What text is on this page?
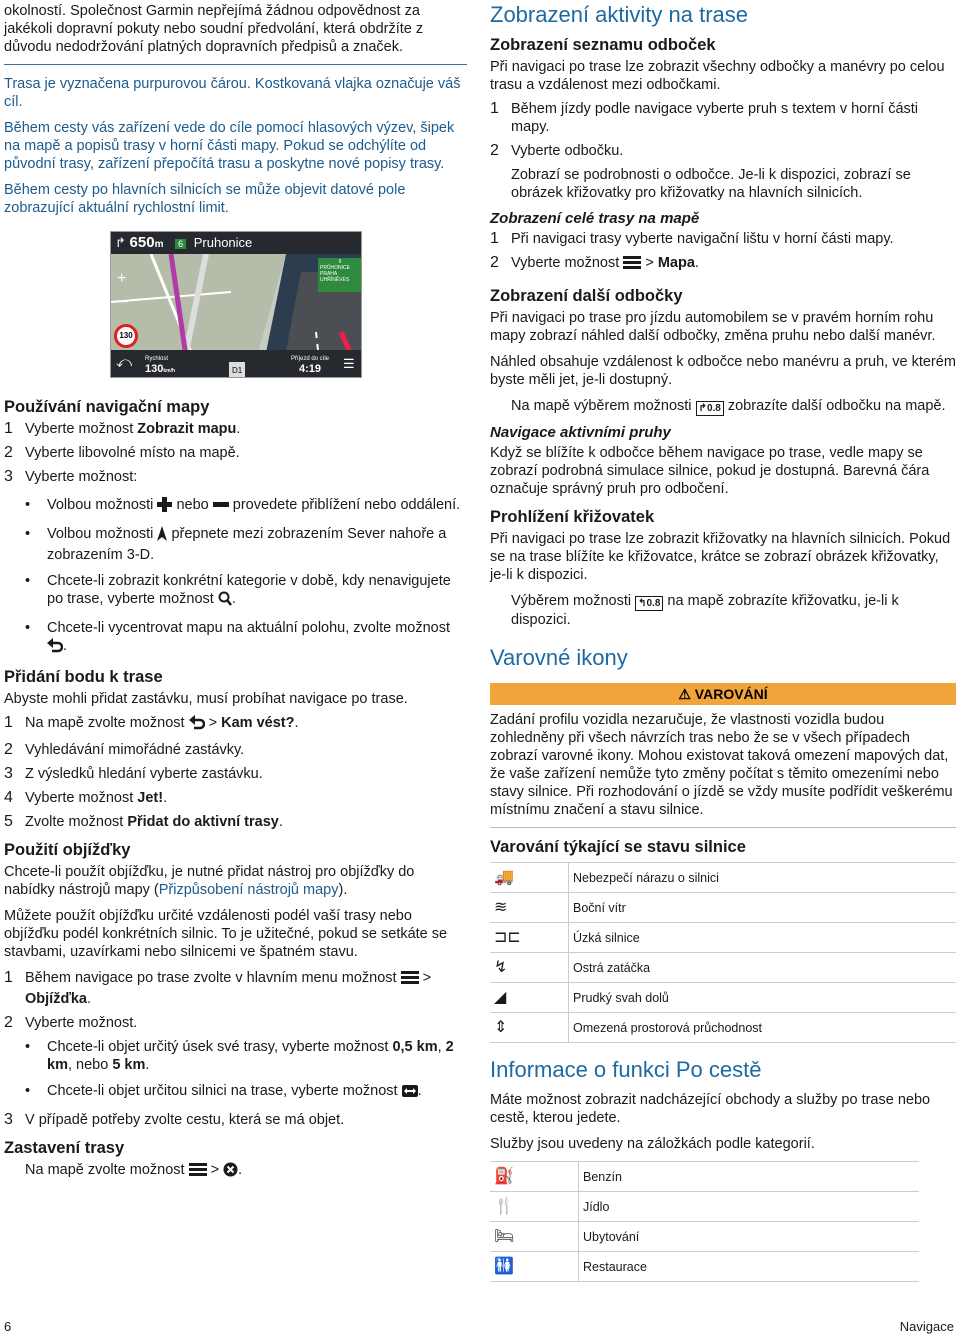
okolností. Společnost Garmin nepřejímá žádnou odpovědnost za jakékoli dopravní pokuty nebo soudní předvolání, která obdržíte z důvodu nedodržování platných dopravních předpisů a značek.

Trasa je vyznačena purpurovou čárou. Kostkovaná vlajka označuje váš cíl.

Během cesty vás zařízení vede do cíle pomocí hlasových výzev, šipek na mapě a popisů trasy v horní části mapy. Pokud se odchýlíte od původní trasy, zařízení přepočítá trasu a poskytne nové popisy trasy.

Během cesty po hlavních silnicích se může objevit datové pole zobrazující aktuální rychlostní limit.

↱ 650m 6 Pruhonice
6
PRŮHONICE
PRAHA
UHŘÍNĚVES
+
−
130
⤺ Rychlost
130km/h	D1
Příjezd do cíle
4:19 ☰
Používání navigační mapy
1 Vyberte možnost Zobrazit mapu.
2 Vyberte libovolné místo na mapě.
3 Vyberte možnost:
• Volbou možnosti  nebo  provedete přiblížení nebo oddálení.
• Volbou možnosti  přepnete mezi zobrazením Sever nahoře a zobrazením 3-D.
• Chcete-li zobrazit konkrétní kategorie v době, kdy nenavigujete po trase, vyberte možnost .
• Chcete-li vycentrovat mapu na aktuální polohu, zvolte možnost .
Přidání bodu k trase

Abyste mohli přidat zastávku, musí probíhat navigace po trase.

1 Na mapě zvolte možnost  > Kam vést?.
2 Vyhledávání mimořádné zastávky.
3 Z výsledků hledání vyberte zastávku.
4 Vyberte možnost Jet!.
5 Zvolte možnost Přidat do aktivní trasy.
Použití objížďky

Chcete-li použít objížďku, je nutné přidat nástroj pro objížďky do nabídky nástrojů mapy (Přizpůsobení nástrojů mapy).

Můžete použít objížďku určité vzdálenosti podél vaší trasy nebo objížďku podél konkrétních silnic. To je užitečné, pokud se setkáte se stavbami, uzavírkami nebo silnicemi ve špatném stavu.

1 Během navigace po trase zvolte v hlavním menu možnost  > Objížďka.
2 Vyberte možnost.
• Chcete-li objet určitý úsek své trasy, vyberte možnost 0,5 km, 2 km, nebo 5 km.
• Chcete-li objet určitou silnici na trase, vyberte možnost .
3 V případě potřeby zvolte cestu, která se má objet.
Zastavení trasy

Na mapě zvolte možnost  > .

Zobrazení aktivity na trase
Zobrazení seznamu odboček

Při navigaci po trase lze zobrazit všechny odbočky a manévry po celou trasu a vzdálenost mezi odbočkami.

1 Během jízdy podle navigace vyberte pruh s textem v horní části mapy.
2 Vyberte odbočku.

Zobrazí se podrobnosti o odbočce. Je-li k dispozici, zobrazí se obrázek křižovatky pro křižovatky na hlavních silnicích.

Zobrazení celé trasy na mapě
1 Při navigaci trasy vyberte navigační lištu v horní části mapy.
2 Vyberte možnost  > Mapa.
Zobrazení další odbočky

Při navigaci po trase pro jízdu automobilem se v pravém horním rohu mapy zobrazí náhled další odbočky, změna pruhu nebo další manévr.

Náhled obsahuje vzdálenost k odbočce nebo manévru a pruh, ve kterém byste měli jet, je-li dostupný.

Na mapě výběrem možnosti ↱0.8 zobrazíte další odbočku na mapě.

Navigace aktivními pruhy

Když se blížíte k odbočce během navigace po trase, vedle mapy se zobrazí podrobná simulace silnice, pokud je dostupná. Barevná čára označuje správný pruh pro odbočení.

Prohlížení křižovatek

Při navigaci po trase lze zobrazit křižovatky na hlavních silnicích. Pokud se na trase blížíte ke křižovatce, krátce se zobrazí obrázek křižovatky, je-li k dispozici.

Výběrem možnosti ↰0.8 na mapě zobrazíte křižovatku, je-li k dispozici.

Varovné ikony
⚠ VAROVÁNÍ

Zadání profilu vozidla nezaručuje, že vlastnosti vozidla budou zohledněny při všech návrzích tras nebo že se v všech případech zobrazí varovné ikony. Mohou existovat taková omezení mapových dat, že vaše zařízení nemůže tyto změny počítat s těmito omezeními nebo stavy silnice. Při rozhodování o jízdě se vždy musíte podřídit veškerému místnímu značení a stavu silnice.

Varování týkající se stavu silnice
🚚	Nebezpečí nárazu o silnici
≋	Boční vítr
⊐⊏	Úzká silnice
↯	Ostrá zatáčka
◢	Prudký svah dolů
⇕	Omezená prostorová průchodnost
Informace o funkci Po cestě

Máte možnost zobrazit nadcházející obchody a služby po trase nebo cestě, kterou jedete.

Služby jsou uvedeny na záložkách podle kategorií.

⛽	Benzín
🍴	Jídlo
🛏	Ubytování
🚻	Restaurace
6	Navigace
